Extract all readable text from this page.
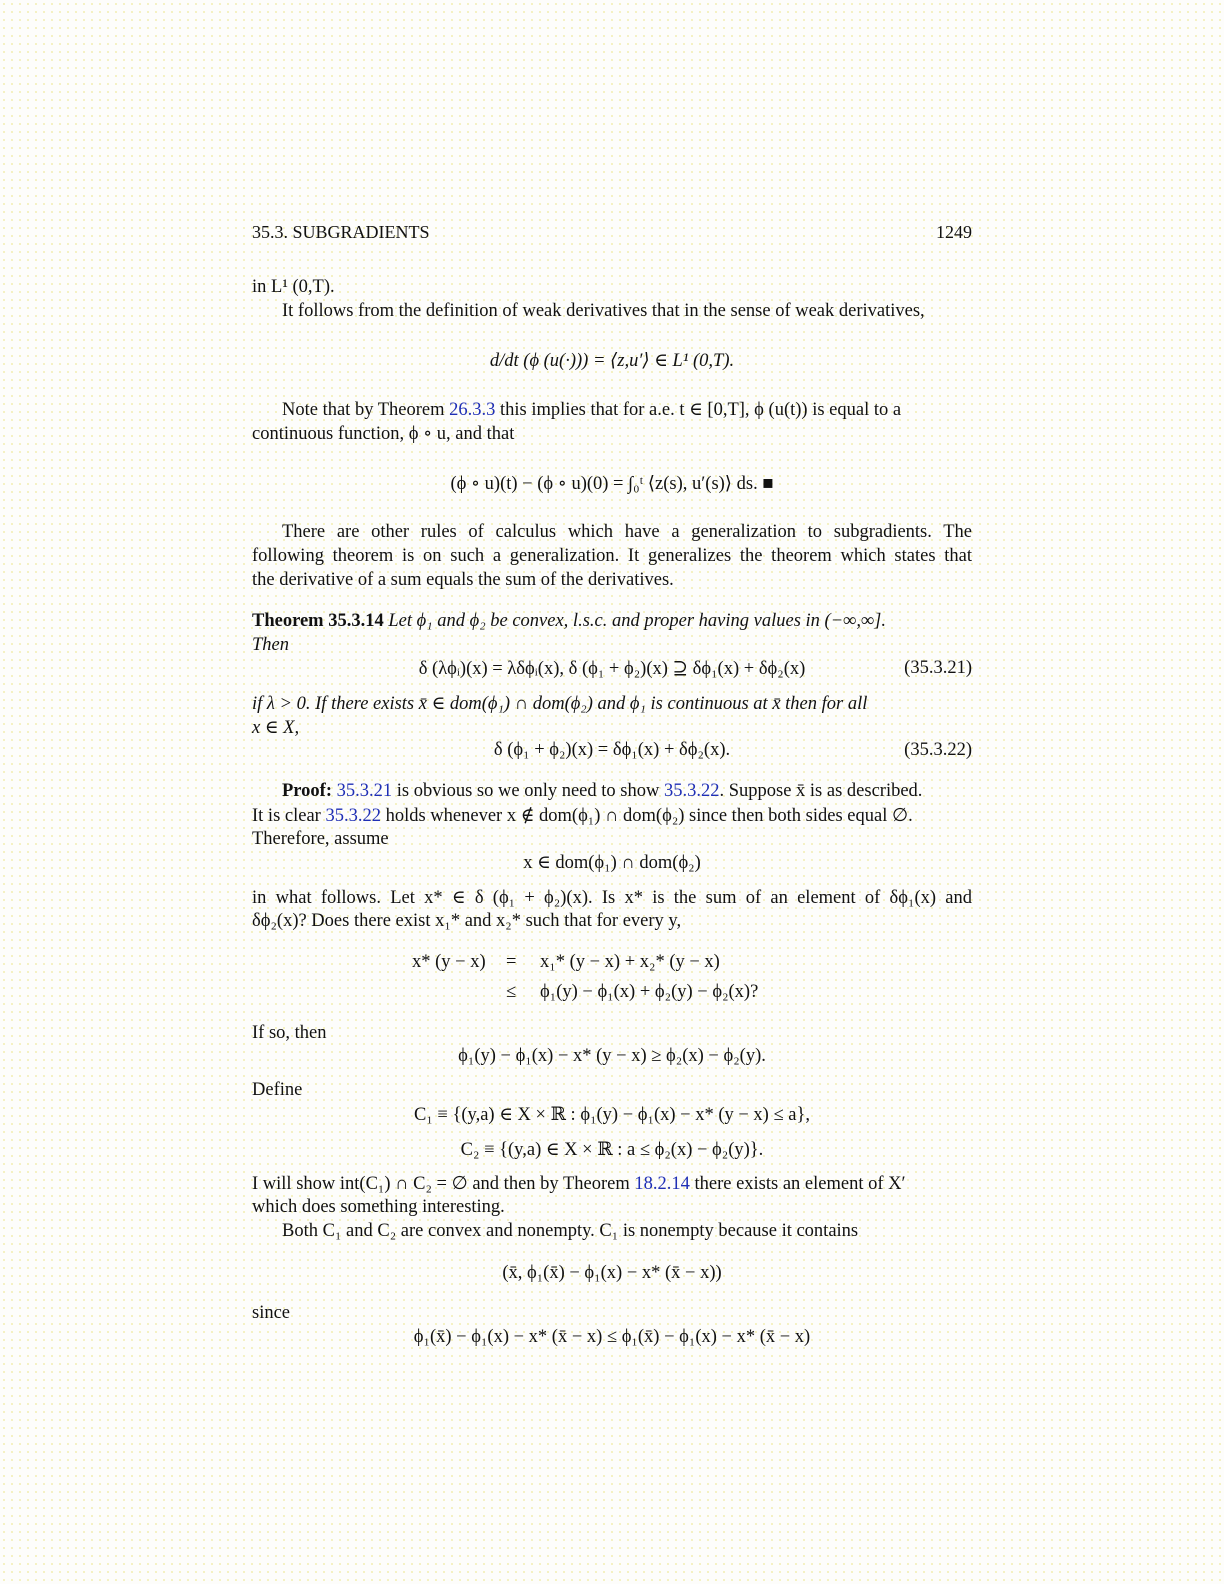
35.3. SUBGRADIENTS	1249
in L¹ (0,T).
It follows from the definition of weak derivatives that in the sense of weak derivatives,
d/dt (ϕ (u(·))) = ⟨z,u′⟩ ∈ L¹ (0,T).
Note that by Theorem 26.3.3 this implies that for a.e. t ∈ [0,T], ϕ (u(t)) is equal to a
continuous function, ϕ ∘ u, and that
(ϕ ∘ u)(t) − (ϕ ∘ u)(0) = ∫₀ᵗ ⟨z(s), u′(s)⟩ ds. ■
There are other rules of calculus which have a generalization to subgradients. The
following theorem is on such a generalization. It generalizes the theorem which states that
the derivative of a sum equals the sum of the derivatives.
Theorem 35.3.14 Let ϕ₁ and ϕ₂ be convex, l.s.c. and proper having values in (−∞,∞].
Then
δ (λϕᵢ)(x) = λδϕᵢ(x), δ (ϕ₁ + ϕ₂)(x) ⊇ δϕ₁(x) + δϕ₂(x)	(35.3.21)
if λ > 0. If there exists x̄ ∈ dom(ϕ₁) ∩ dom(ϕ₂) and ϕ₁ is continuous at x̄ then for all
x ∈ X,
δ (ϕ₁ + ϕ₂)(x) = δϕ₁(x) + δϕ₂(x).	(35.3.22)
Proof: 35.3.21 is obvious so we only need to show 35.3.22. Suppose x̄ is as described.
It is clear 35.3.22 holds whenever x ∉ dom(ϕ₁) ∩ dom(ϕ₂) since then both sides equal ∅.
Therefore, assume
x ∈ dom(ϕ₁) ∩ dom(ϕ₂)
in what follows. Let x* ∈ δ (ϕ₁ + ϕ₂)(x). Is x* is the sum of an element of δϕ₁(x) and
δϕ₂(x)? Does there exist x₁* and x₂* such that for every y,
x* (y − x) = x₁* (y − x) + x₂* (y − x)
≤ ϕ₁(y) − ϕ₁(x) + ϕ₂(y) − ϕ₂(x)?
If so, then
ϕ₁(y) − ϕ₁(x) − x* (y − x) ≥ ϕ₂(x) − ϕ₂(y).
Define
C₁ ≡ {(y,a) ∈ X × ℝ : ϕ₁(y) − ϕ₁(x) − x* (y − x) ≤ a},
C₂ ≡ {(y,a) ∈ X × ℝ : a ≤ ϕ₂(x) − ϕ₂(y)}.
I will show int(C₁) ∩ C₂ = ∅ and then by Theorem 18.2.14 there exists an element of X′
which does something interesting.
Both C₁ and C₂ are convex and nonempty. C₁ is nonempty because it contains
(x̄, ϕ₁(x̄) − ϕ₁(x) − x* (x̄ − x))
since
ϕ₁(x̄) − ϕ₁(x) − x* (x̄ − x) ≤ ϕ₁(x̄) − ϕ₁(x) − x* (x̄ − x)
